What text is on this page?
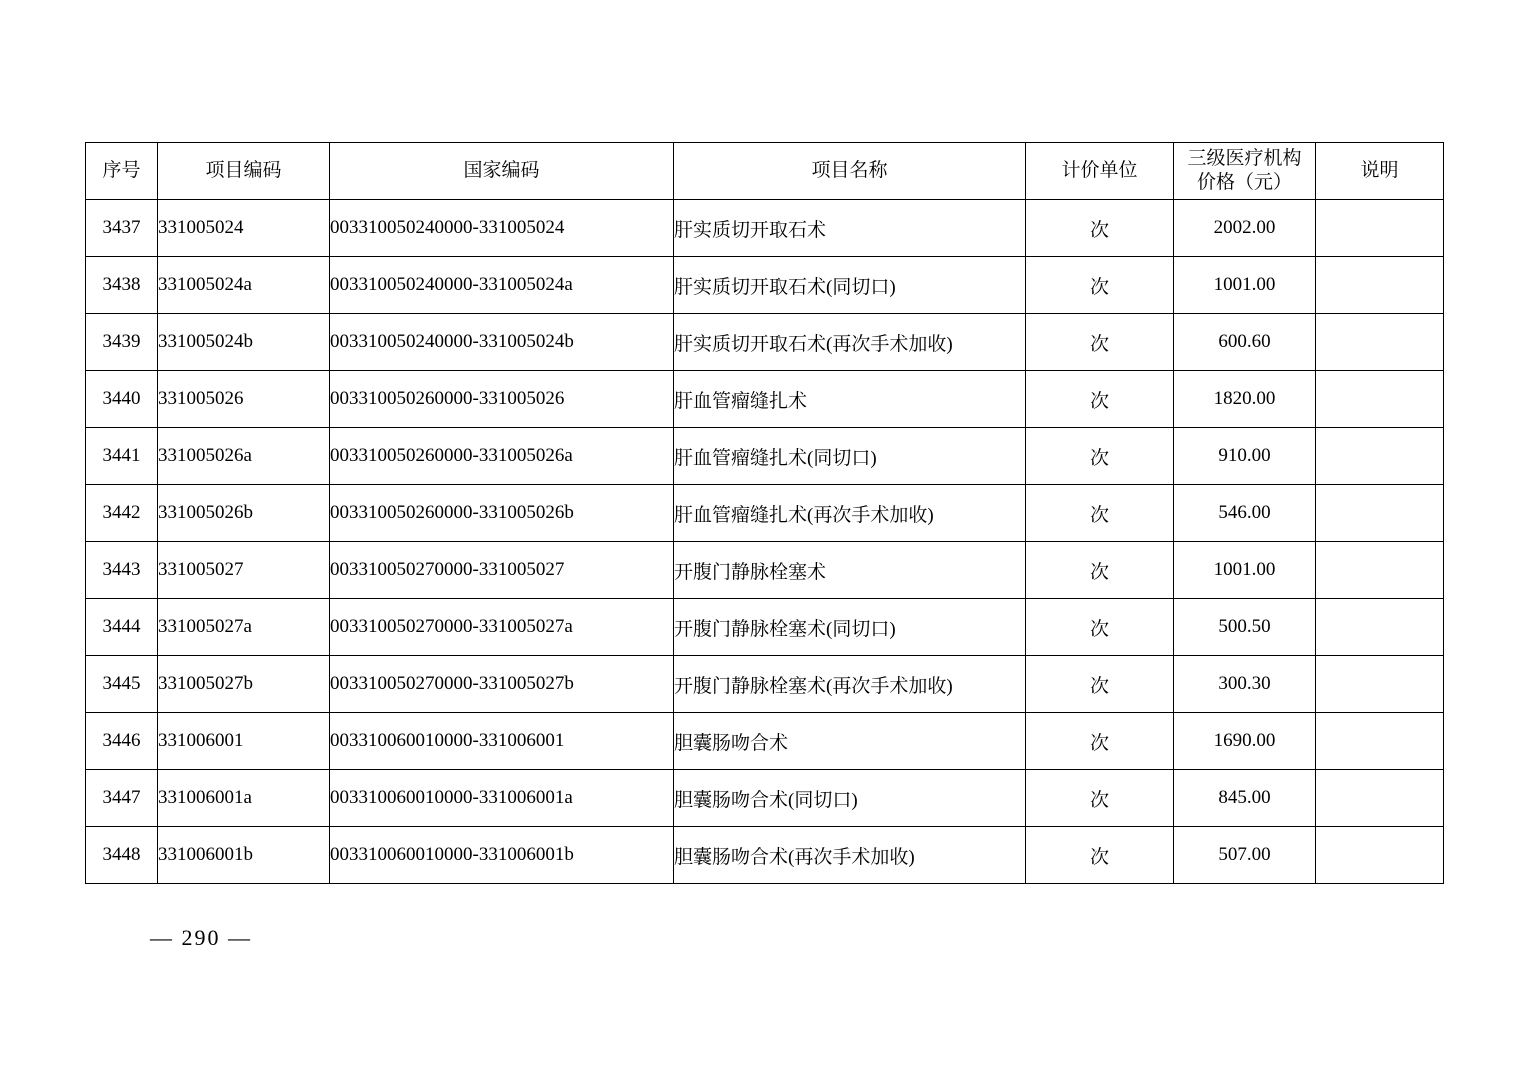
序号	项目编码	国家编码	项目名称	计价单位	三级医疗机构
价格（元）	说明
3437	331005024	003310050240000-331005024	肝实质切开取石术	次	2002.00	
3438	331005024a	003310050240000-331005024a	肝实质切开取石术(同切口)	次	1001.00	
3439	331005024b	003310050240000-331005024b	肝实质切开取石术(再次手术加收)	次	600.60	
3440	331005026	003310050260000-331005026	肝血管瘤缝扎术	次	1820.00	
3441	331005026a	003310050260000-331005026a	肝血管瘤缝扎术(同切口)	次	910.00	
3442	331005026b	003310050260000-331005026b	肝血管瘤缝扎术(再次手术加收)	次	546.00	
3443	331005027	003310050270000-331005027	开腹门静脉栓塞术	次	1001.00	
3444	331005027a	003310050270000-331005027a	开腹门静脉栓塞术(同切口)	次	500.50	
3445	331005027b	003310050270000-331005027b	开腹门静脉栓塞术(再次手术加收)	次	300.30	
3446	331006001	003310060010000-331006001	胆囊肠吻合术	次	1690.00	
3447	331006001a	003310060010000-331006001a	胆囊肠吻合术(同切口)	次	845.00	
3448	331006001b	003310060010000-331006001b	胆囊肠吻合术(再次手术加收)	次	507.00	
— 290 —
